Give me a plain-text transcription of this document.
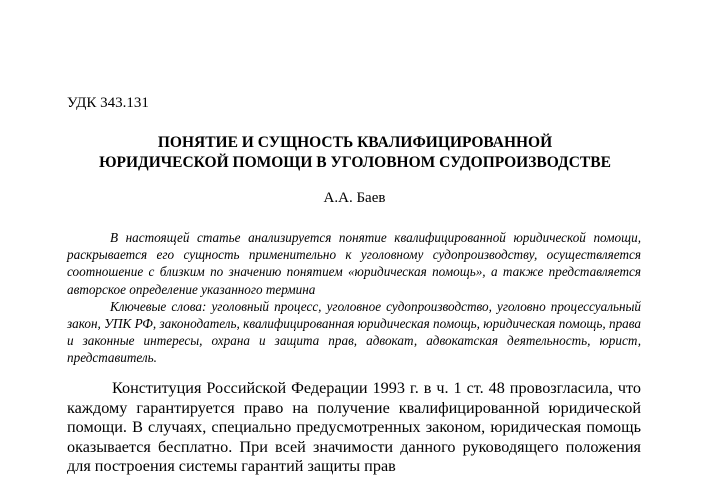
УДК 343.131
ПОНЯТИЕ И СУЩНОСТЬ КВАЛИФИЦИРОВАННОЙ
ЮРИДИЧЕСКОЙ ПОМОЩИ В УГОЛОВНОМ СУДОПРОИЗВОДСТВЕ
А.А. Баев

В настоящей статье анализируется понятие квалифицированной юридической помощи, раскрывается его сущность применительно к уголовному судопроизводству, осуществляется соотношение с близким по значению понятием «юридическая помощь», а также представляется авторское определение указанного термина

Ключевые слова: уголовный процесс, уголовное судопроизводство, уголовно процессуальный закон, УПК РФ, законодатель, квалифицированная юридическая помощь, юридическая помощь, права и законные интересы, охрана и защита прав, адвокат, адвокатская деятельность, юрист, представитель.

Конституция Российской Федерации 1993 г. в ч. 1 ст. 48 провозгласила, что каждому гарантируется право на получение квалифицированной юридической помощи. В случаях, специально предусмотренных законом, юридическая помощь оказывается бесплатно. При всей значимости данного руководящего положения для построения системы гарантий защиты прав
